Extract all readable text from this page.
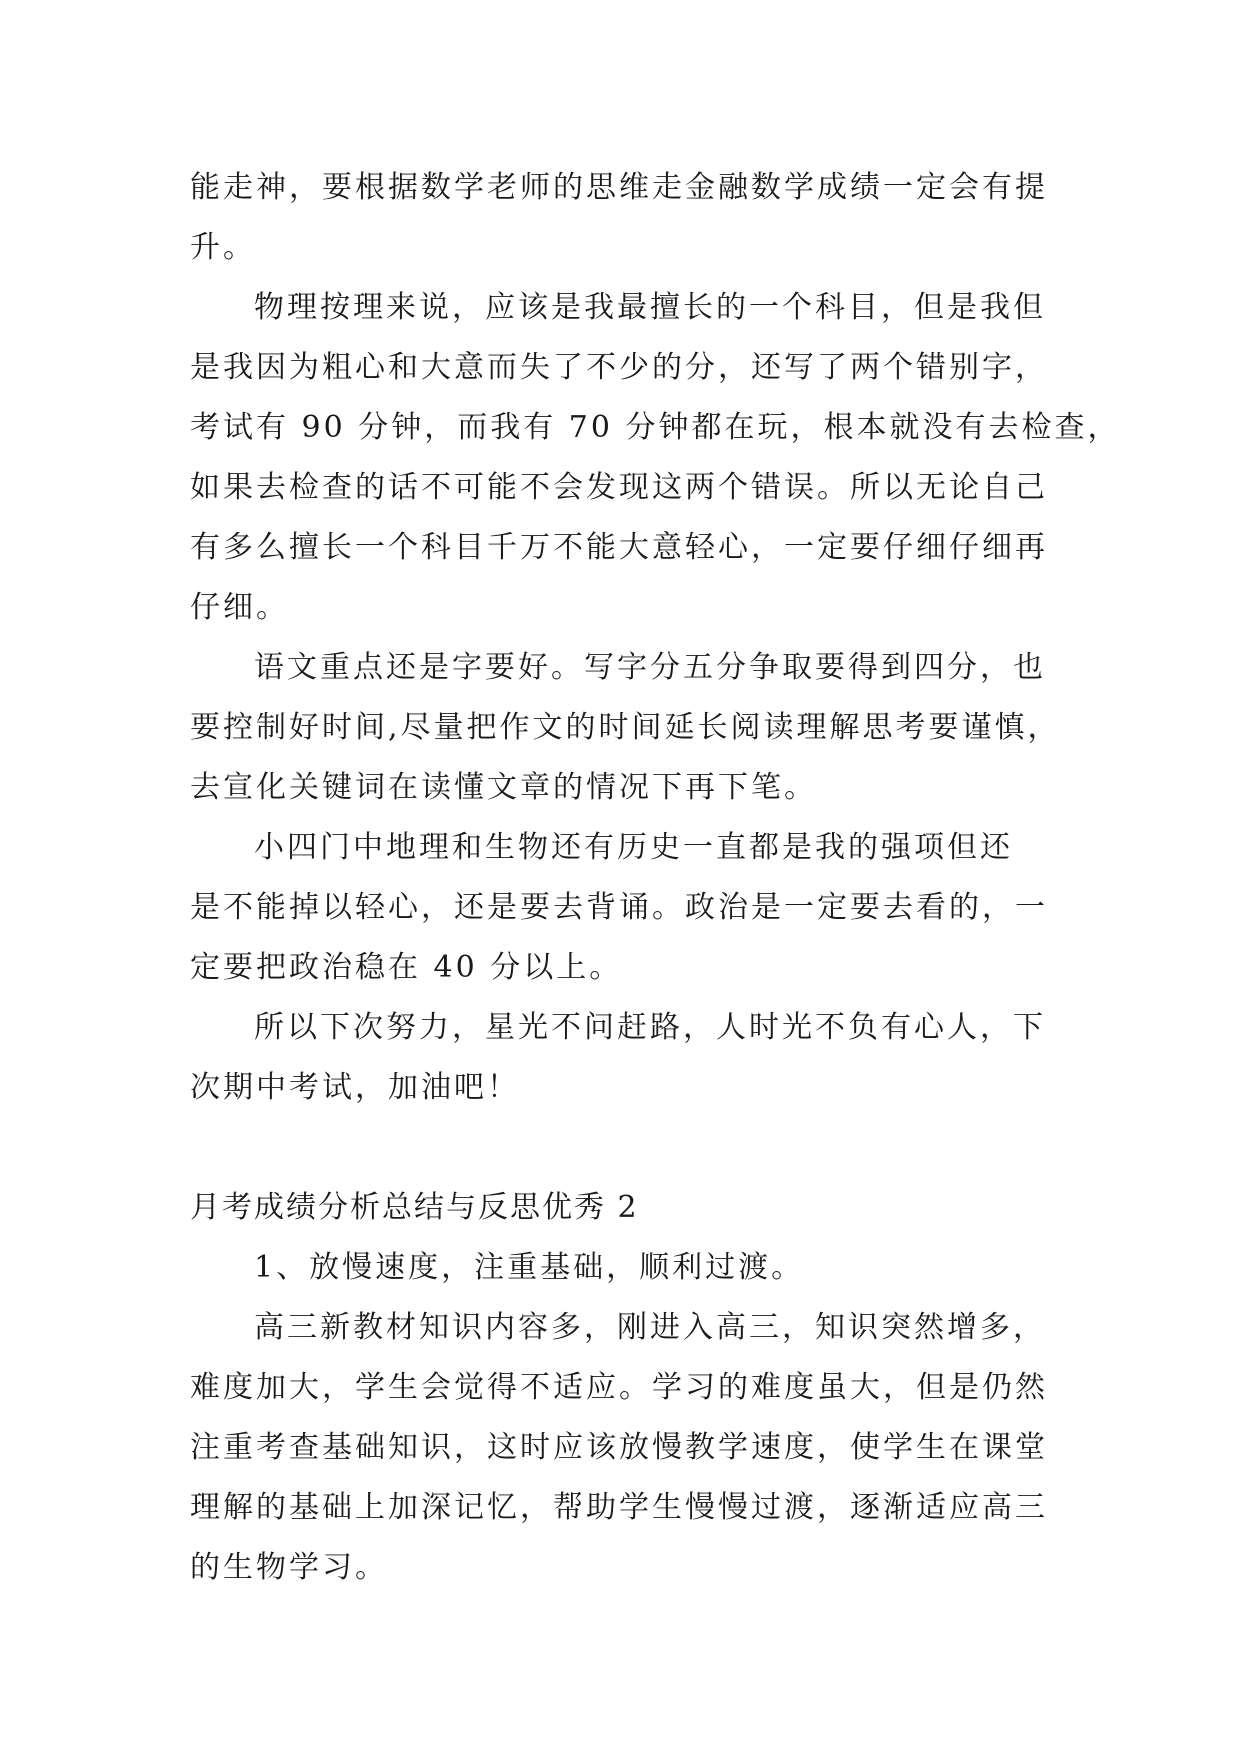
能走神，要根据数学老师的思维走金融数学成绩一定会有提

升。

物理按理来说，应该是我最擅长的一个科目，但是我但

是我因为粗心和大意而失了不少的分，还写了两个错别字，

考试有 90 分钟，而我有 70 分钟都在玩，根本就没有去检查，

如果去检查的话不可能不会发现这两个错误。所以无论自己

有多么擅长一个科目千万不能大意轻心，一定要仔细仔细再

仔细。

语文重点还是字要好。写字分五分争取要得到四分，也

要控制好时间,尽量把作文的时间延长阅读理解思考要谨慎，

去宣化关键词在读懂文章的情况下再下笔。

小四门中地理和生物还有历史一直都是我的强项但还

是不能掉以轻心，还是要去背诵。政治是一定要去看的，一

定要把政治稳在 40 分以上。

所以下次努力，星光不问赶路，人时光不负有心人，下

次期中考试，加油吧！

月考成绩分析总结与反思优秀 2

1、放慢速度，注重基础，顺利过渡。

高三新教材知识内容多，刚进入高三，知识突然增多，

难度加大，学生会觉得不适应。学习的难度虽大，但是仍然

注重考查基础知识，这时应该放慢教学速度，使学生在课堂

理解的基础上加深记忆，帮助学生慢慢过渡，逐渐适应高三

的生物学习。
